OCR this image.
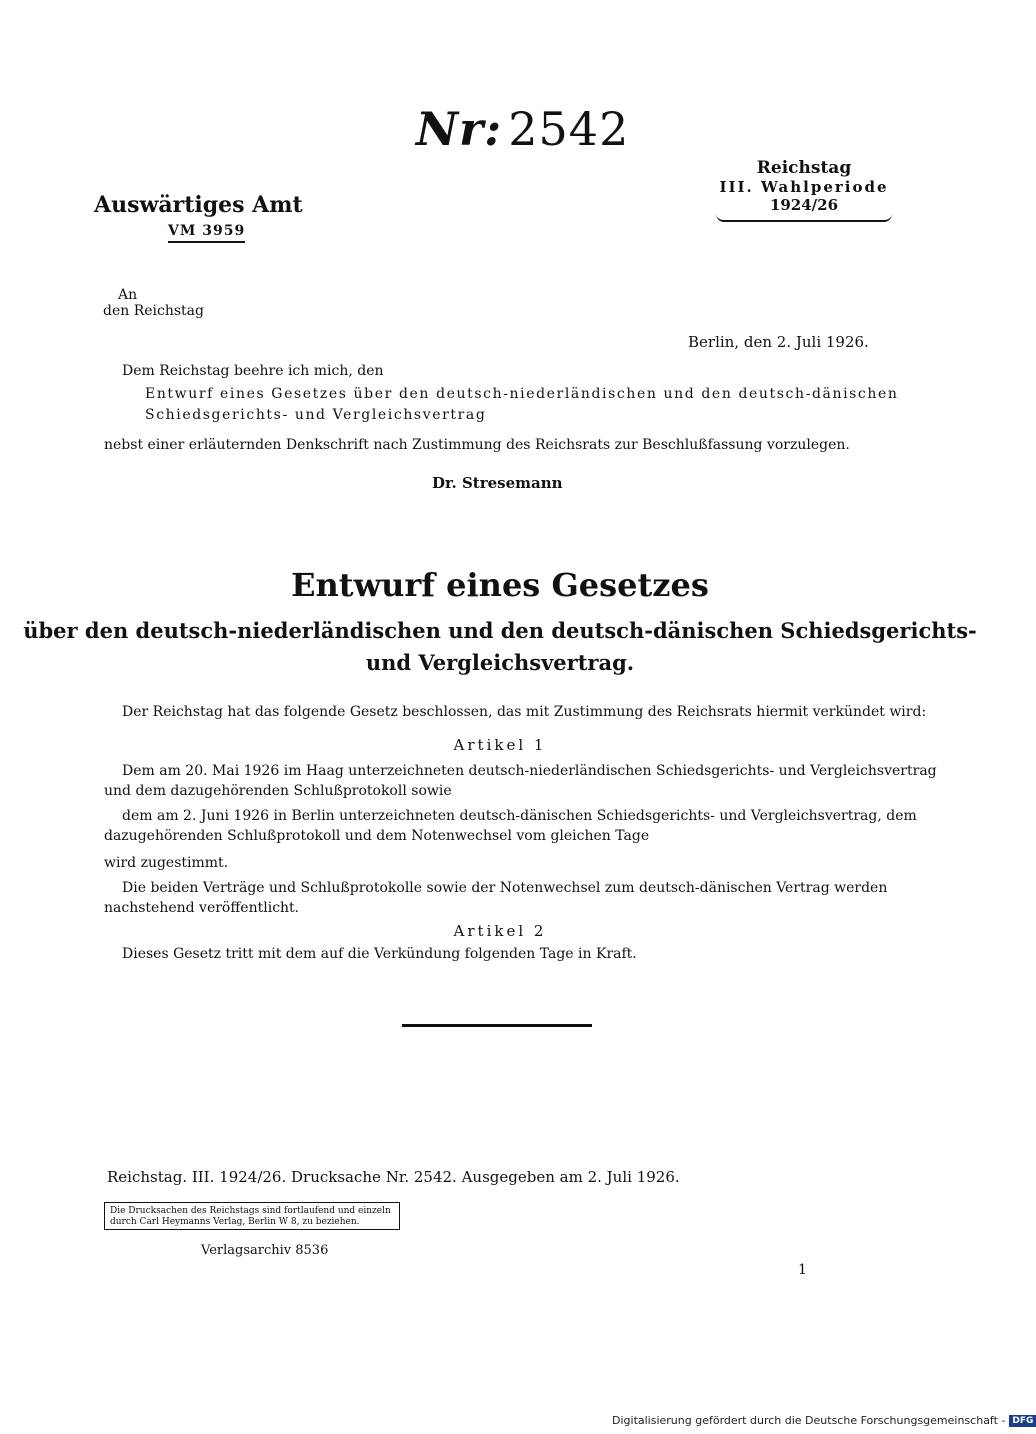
Nr: 2542
Auswärtiges Amt
VM 3959
Reichstag
III. Wahlperiode
1924/26
An
den Reichstag
Berlin, den 2. Juli 1926.
Dem Reichstag beehre ich mich, den
Entwurf eines Gesetzes über den deutsch-niederländischen und den deutsch-dänischen
Schiedsgerichts- und Vergleichsvertrag
nebst einer erläuternden Denkschrift nach Zustimmung des Reichsrats zur Beschlußfassung vorzulegen.
Dr. Stresemann
Entwurf eines Gesetzes
über den deutsch-niederländischen und den deutsch-dänischen Schiedsgerichts-
und Vergleichsvertrag.
Der Reichstag hat das folgende Gesetz beschlossen, das mit Zustimmung des Reichsrats hiermit verkündet wird:
Artikel 1
Dem am 20. Mai 1926 im Haag unterzeichneten deutsch-niederländischen Schiedsgerichts- und Vergleichsvertrag
und dem dazugehörenden Schlußprotokoll sowie
dem am 2. Juni 1926 in Berlin unterzeichneten deutsch-dänischen Schiedsgerichts- und Vergleichsvertrag, dem
dazugehörenden Schlußprotokoll und dem Notenwechsel vom gleichen Tage
wird zugestimmt.
Die beiden Verträge und Schlußprotokolle sowie der Notenwechsel zum deutsch-dänischen Vertrag werden
nachstehend veröffentlicht.
Artikel 2
Dieses Gesetz tritt mit dem auf die Verkündung folgenden Tage in Kraft.
Reichstag. III. 1924/26. Drucksache Nr. 2542. Ausgegeben am 2. Juli 1926.
Die Drucksachen des Reichstags sind fortlaufend und einzeln
durch Carl Heymanns Verlag, Berlin W 8, zu beziehen.
Verlagsarchiv 8536
1
Digitalisierung gefördert durch die Deutsche Forschungsgemeinschaft - DFG
